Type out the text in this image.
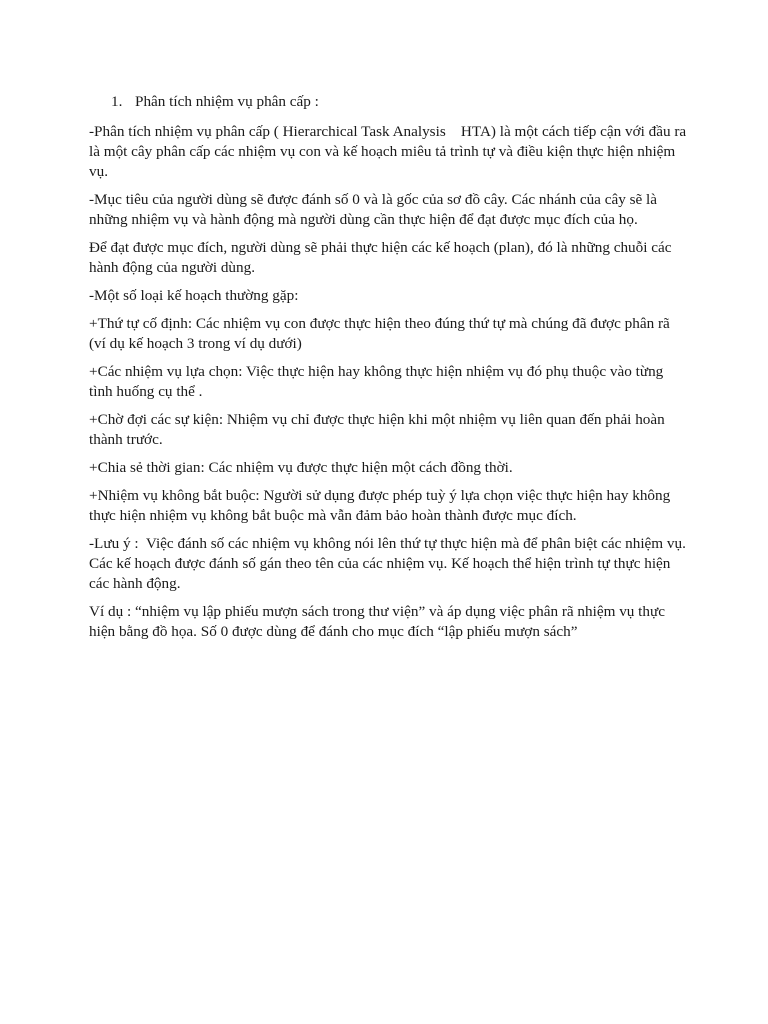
1. Phân tích nhiệm vụ phân cấp :

-Phân tích nhiệm vụ phân cấp ( Hierarchical Task Analysis    HTA) là một cách tiếp cận với đầu ra là một cây phân cấp các nhiệm vụ con và kế hoạch miêu tả trình tự và điều kiện thực hiện nhiệm vụ.

-Mục tiêu của người dùng sẽ được đánh số 0 và là gốc của sơ đồ cây. Các nhánh của cây sẽ là những nhiệm vụ và hành động mà người dùng cần thực hiện để đạt được mục đích của họ.

Để đạt được mục đích, người dùng sẽ phải thực hiện các kế hoạch (plan), đó là những chuỗi các hành động của người dùng.

-Một số loại kế hoạch thường gặp:

+Thứ tự cố định: Các nhiệm vụ con được thực hiện theo đúng thứ tự mà chúng đã được phân rã (ví dụ kế hoạch 3 trong ví dụ dưới)

+Các nhiệm vụ lựa chọn: Việc thực hiện hay không thực hiện nhiệm vụ đó phụ thuộc vào từng tình huống cụ thể .

+Chờ đợi các sự kiện: Nhiệm vụ chỉ được thực hiện khi một nhiệm vụ liên quan đến phải hoàn thành trước.

+Chia sẻ thời gian: Các nhiệm vụ được thực hiện một cách đồng thời.

+Nhiệm vụ không bắt buộc: Người sử dụng được phép tuỳ ý lựa chọn việc thực hiện hay không thực hiện nhiệm vụ không bắt buộc mà vẫn đảm bảo hoàn thành được mục đích.

-Lưu ý :  Việc đánh số các nhiệm vụ không nói lên thứ tự thực hiện mà để phân biệt các nhiệm vụ. Các kế hoạch được đánh số gán theo tên của các nhiệm vụ. Kế hoạch thể hiện trình tự thực hiện các hành động.

Ví dụ : “nhiệm vụ lập phiếu mượn sách trong thư viện” và áp dụng việc phân rã nhiệm vụ thực hiện bằng đồ họa. Số 0 được dùng để đánh cho mục đích “lập phiếu mượn sách”
